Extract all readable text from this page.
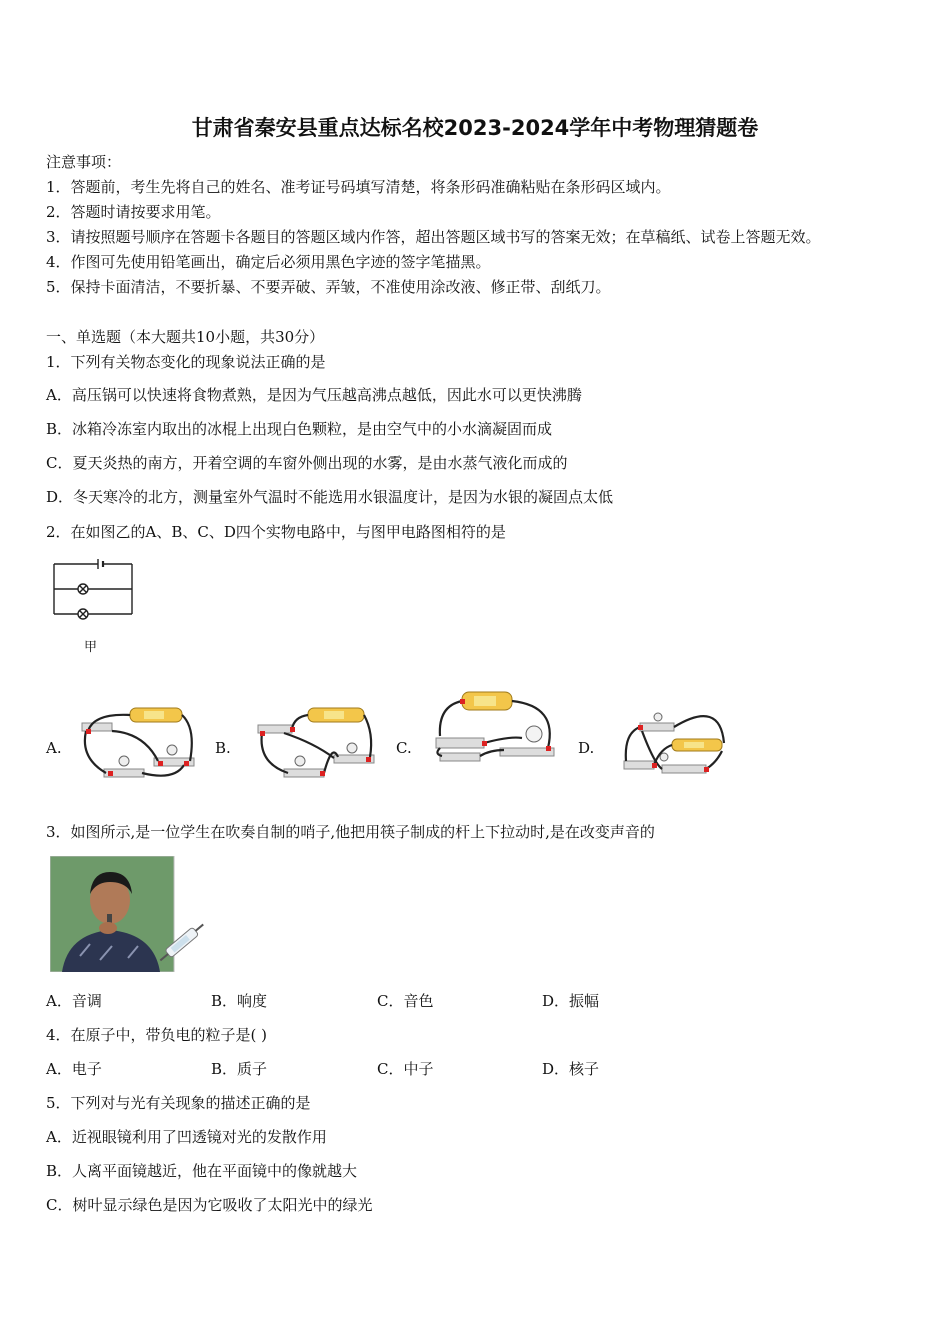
甘肃省秦安县重点达标名校2023-2024学年中考物理猜题卷
注意事项：
1．答题前，考生先将自己的姓名、准考证号码填写清楚，将条形码准确粘贴在条形码区域内。
2．答题时请按要求用笔。
3．请按照题号顺序在答题卡各题目的答题区域内作答，超出答题区域书写的答案无效；在草稿纸、试卷上答题无效。
4．作图可先使用铅笔画出，确定后必须用黑色字迹的签字笔描黑。
5．保持卡面清洁，不要折暴、不要弄破、弄皱，不准使用涂改液、修正带、刮纸刀。
一、单选题（本大题共10小题，共30分）
1．下列有关物态变化的现象说法正确的是
A．高压锅可以快速将食物煮熟，是因为气压越高沸点越低，因此水可以更快沸腾
B．冰箱冷冻室内取出的冰棍上出现白色颗粒，是由空气中的小水滴凝固而成
C．夏天炎热的南方，开着空调的车窗外侧出现的水雾，是由水蒸气液化而成的
D．冬天寒冷的北方，测量室外气温时不能选用水银温度计，是因为水银的凝固点太低
2．在如图乙的A、B、C、D四个实物电路中，与图甲电路图相符的是
甲
A.	B.	C.	D.
3．如图所示,是一位学生在吹奏自制的哨子,他把用筷子制成的杆上下拉动时,是在改变声音的
A．音调	B．响度	C．音色	D．振幅
4．在原子中，带负电的粒子是( )
A．电子	B．质子	C．中子	D．核子
5．下列对与光有关现象的描述正确的是
A．近视眼镜利用了凹透镜对光的发散作用
B．人离平面镜越近，他在平面镜中的像就越大
C．树叶显示绿色是因为它吸收了太阳光中的绿光
